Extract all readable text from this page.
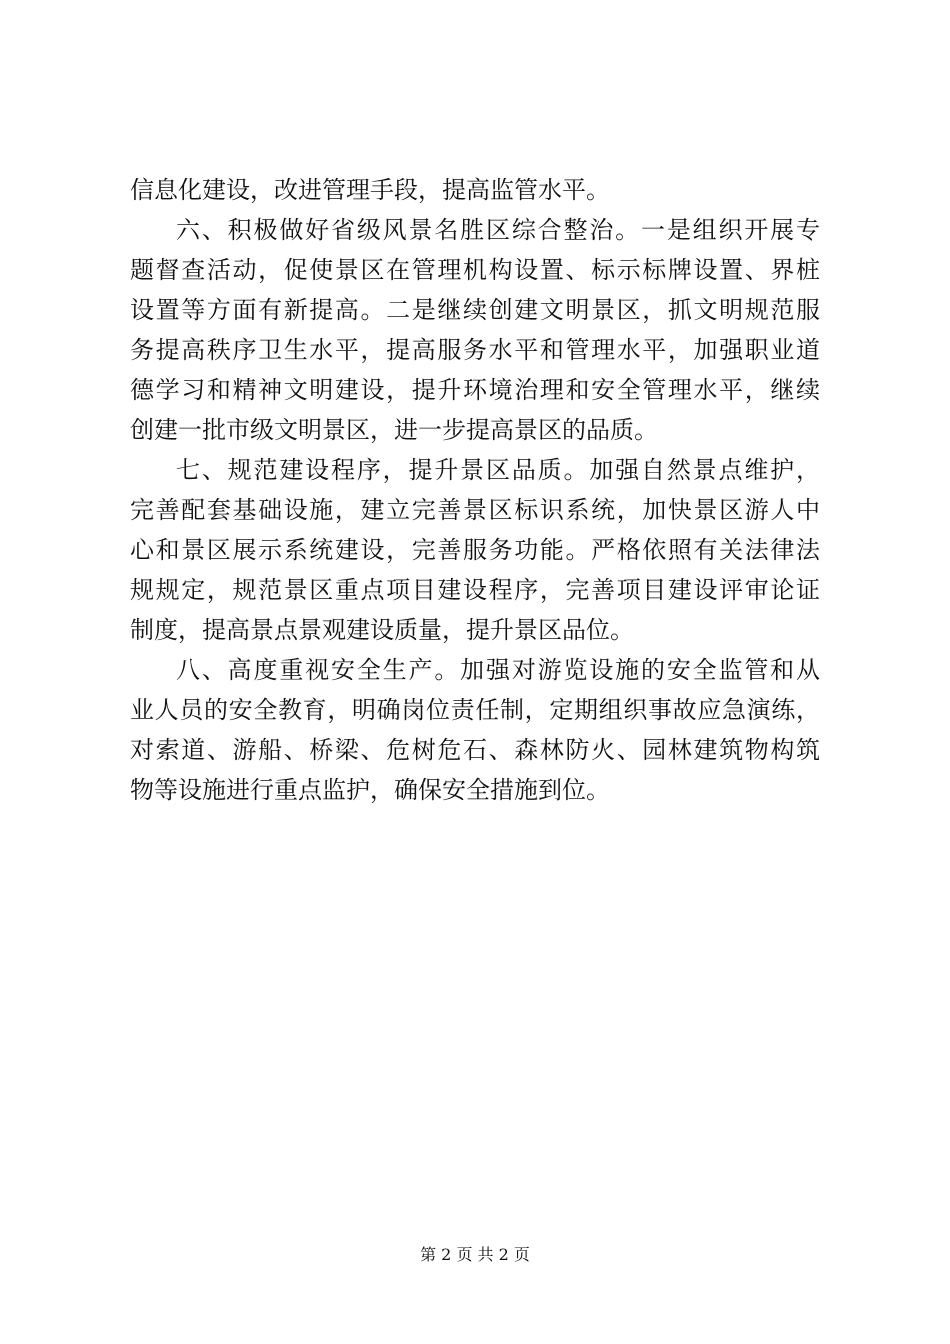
信息化建设，改进管理手段，提高监管水平。
六、积极做好省级风景名胜区综合整治。一是组织开展专
题督查活动，促使景区在管理机构设置、标示标牌设置、界桩
设置等方面有新提高。二是继续创建文明景区，抓文明规范服
务提高秩序卫生水平，提高服务水平和管理水平，加强职业道
德学习和精神文明建设，提升环境治理和安全管理水平，继续
创建一批市级文明景区，进一步提高景区的品质。
七、规范建设程序，提升景区品质。加强自然景点维护，
完善配套基础设施，建立完善景区标识系统，加快景区游人中
心和景区展示系统建设，完善服务功能。严格依照有关法律法
规规定，规范景区重点项目建设程序，完善项目建设评审论证
制度，提高景点景观建设质量，提升景区品位。
八、高度重视安全生产。加强对游览设施的安全监管和从
业人员的安全教育，明确岗位责任制，定期组织事故应急演练，
对索道、游船、桥梁、危树危石、森林防火、园林建筑物构筑
物等设施进行重点监护，确保安全措施到位。
第 2 页 共 2 页
